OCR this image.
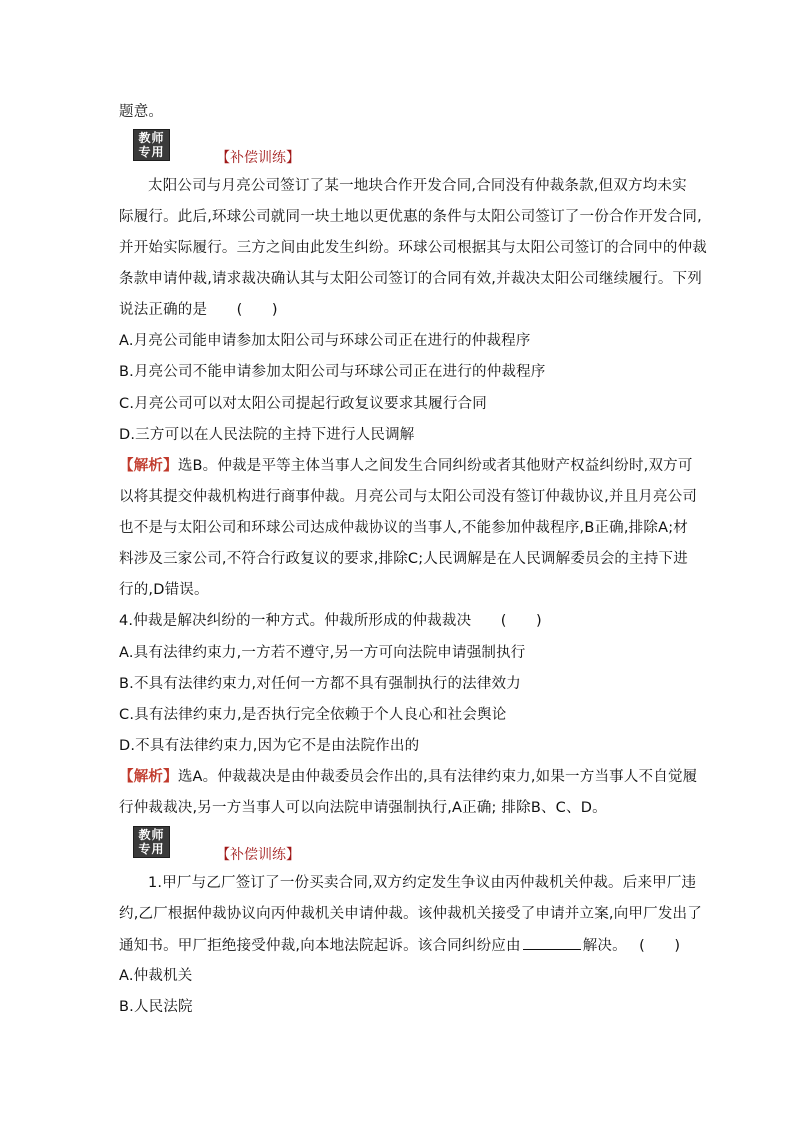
题意。
教师
专用	【补偿训练】
太阳公司与月亮公司签订了某一地块合作开发合同,合同没有仲裁条款,但双方均未实
际履行。此后,环球公司就同一块土地以更优惠的条件与太阳公司签订了一份合作开发合同,
并开始实际履行。三方之间由此发生纠纷。环球公司根据其与太阳公司签订的合同中的仲裁
条款申请仲裁,请求裁决确认其与太阳公司签订的合同有效,并裁决太阳公司继续履行。下列
说法正确的是　　(　　)
A.月亮公司能申请参加太阳公司与环球公司正在进行的仲裁程序
B.月亮公司不能申请参加太阳公司与环球公司正在进行的仲裁程序
C.月亮公司可以对太阳公司提起行政复议要求其履行合同
D.三方可以在人民法院的主持下进行人民调解
【解析】选B。仲裁是平等主体当事人之间发生合同纠纷或者其他财产权益纠纷时,双方可
以将其提交仲裁机构进行商事仲裁。月亮公司与太阳公司没有签订仲裁协议,并且月亮公司
也不是与太阳公司和环球公司达成仲裁协议的当事人,不能参加仲裁程序,B正确,排除A;材
料涉及三家公司,不符合行政复议的要求,排除C;人民调解是在人民调解委员会的主持下进
行的,D错误。
4.仲裁是解决纠纷的一种方式。仲裁所形成的仲裁裁决　　(　　)
A.具有法律约束力,一方若不遵守,另一方可向法院申请强制执行
B.不具有法律约束力,对任何一方都不具有强制执行的法律效力
C.具有法律约束力,是否执行完全依赖于个人良心和社会舆论
D.不具有法律约束力,因为它不是由法院作出的
【解析】选A。仲裁裁决是由仲裁委员会作出的,具有法律约束力,如果一方当事人不自觉履
行仲裁裁决,另一方当事人可以向法院申请强制执行,A正确; 排除B、C、D。
教师
专用	【补偿训练】
1.甲厂与乙厂签订了一份买卖合同,双方约定发生争议由丙仲裁机关仲裁。后来甲厂违
约,乙厂根据仲裁协议向丙仲裁机关申请仲裁。该仲裁机关接受了申请并立案,向甲厂发出了
通知书。甲厂拒绝接受仲裁,向本地法院起诉。该合同纠纷应由	解决。　 (　　)
A.仲裁机关
B.人民法院
